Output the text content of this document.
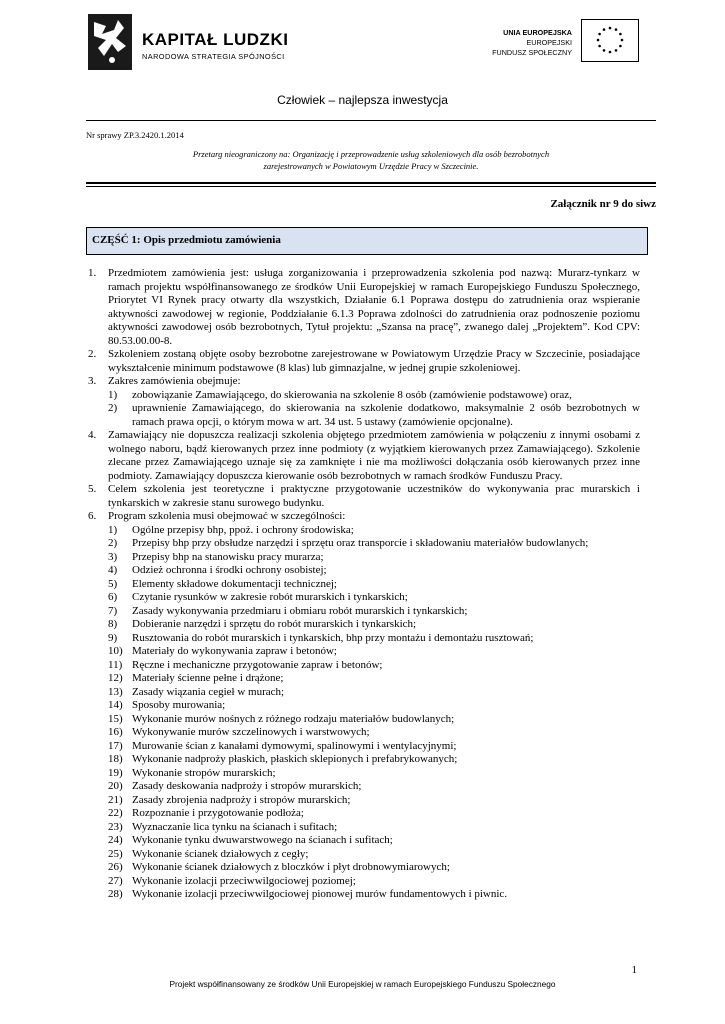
KAPITAŁ LUDZKI
NARODOWA STRATEGIA SPÓJNOŚCI
UNIA EUROPEJSKA
EUROPEJSKI
FUNDUSZ SPOŁECZNY
Człowiek – najlepsza inwestycja
Nr sprawy ZP.3.2420.1.2014
Przetarg nieograniczony na: Organizację i przeprowadzenie usług szkoleniowych dla osób bezrobotnych
zarejestrowanych w Powiatowym Urzędzie Pracy w Szczecinie.
Załącznik nr 9 do siwz
CZĘŚĆ 1: Opis przedmiotu zamówienia
1. Przedmiotem zamówienia jest: usługa zorganizowania i przeprowadzenia szkolenia pod nazwą: Murarz-tynkarz w ramach projektu współfinansowanego ze środków Unii Europejskiej w ramach Europejskiego Funduszu Społecznego, Priorytet VI Rynek pracy otwarty dla wszystkich, Działanie 6.1 Poprawa dostępu do zatrudnienia oraz wspieranie aktywności zawodowej w regionie, Poddziałanie 6.1.3 Poprawa zdolności do zatrudnienia oraz podnoszenie poziomu aktywności zawodowej osób bezrobotnych, Tytuł projektu: „Szansa na pracę”, zwanego dalej „Projektem”. Kod CPV: 80.53.00.00-8.
2. Szkoleniem zostaną objęte osoby bezrobotne zarejestrowane w Powiatowym Urzędzie Pracy w Szczecinie, posiadające wykształcenie minimum podstawowe (8 klas) lub gimnazjalne, w jednej grupie szkoleniowej.
3. Zakres zamówienia obejmuje:
1) zobowiązanie Zamawiającego, do skierowania na szkolenie 8 osób (zamówienie podstawowe) oraz,
2) uprawnienie Zamawiającego, do skierowania na szkolenie dodatkowo, maksymalnie 2 osób bezrobotnych w ramach prawa opcji, o którym mowa w art. 34 ust. 5 ustawy (zamówienie opcjonalne).
4. Zamawiający nie dopuszcza realizacji szkolenia objętego przedmiotem zamówienia w połączeniu z innymi osobami z wolnego naboru, bądź kierowanych przez inne podmioty (z wyjątkiem kierowanych przez Zamawiającego). Szkolenie zlecane przez Zamawiającego uznaje się za zamknięte i nie ma możliwości dołączania osób kierowanych przez inne podmioty. Zamawiający dopuszcza kierowanie osób bezrobotnych w ramach środków Funduszu Pracy.
5. Celem szkolenia jest teoretyczne i praktyczne przygotowanie uczestników do wykonywania prac murarskich i tynkarskich w zakresie stanu surowego budynku.
6. Program szkolenia musi obejmować w szczególności:
1) Ogólne przepisy bhp, ppoż. i ochrony środowiska;
2) Przepisy bhp przy obsłudze narzędzi i sprzętu oraz transporcie i składowaniu materiałów budowlanych;
3) Przepisy bhp na stanowisku pracy murarza;
4) Odzież ochronna i środki ochrony osobistej;
5) Elementy składowe dokumentacji technicznej;
6) Czytanie rysunków w zakresie robót murarskich i tynkarskich;
7) Zasady wykonywania przedmiaru i obmiaru robót murarskich i tynkarskich;
8) Dobieranie narzędzi i sprzętu do robót murarskich i tynkarskich;
9) Rusztowania do robót murarskich i tynkarskich, bhp przy montażu i demontażu rusztowań;
10) Materiały do wykonywania zapraw i betonów;
11) Ręczne i mechaniczne przygotowanie zapraw i betonów;
12) Materiały ścienne pełne i drążone;
13) Zasady wiązania cegieł w murach;
14) Sposoby murowania;
15) Wykonanie murów nośnych z różnego rodzaju materiałów budowlanych;
16) Wykonywanie murów szczelinowych i warstwowych;
17) Murowanie ścian z kanałami dymowymi, spalinowymi i wentylacyjnymi;
18) Wykonanie nadproży płaskich, płaskich sklepionych i prefabrykowanych;
19) Wykonanie stropów murarskich;
20) Zasady deskowania nadproży i stropów murarskich;
21) Zasady zbrojenia nadproży i stropów murarskich;
22) Rozpoznanie i przygotowanie podłoża;
23) Wyznaczanie lica tynku na ścianach i sufitach;
24) Wykonanie tynku dwuwarstwowego na ścianach i sufitach;
25) Wykonanie ścianek działowych z cegły;
26) Wykonanie ścianek działowych z bloczków i płyt drobnowymiarowych;
27) Wykonanie izolacji przeciwwilgociowej poziomej;
28) Wykonanie izolacji przeciwwilgociowej pionowej murów fundamentowych i piwnic.
1
Projekt współfinansowany ze środków Unii Europejskiej w ramach Europejskiego Funduszu Społecznego
